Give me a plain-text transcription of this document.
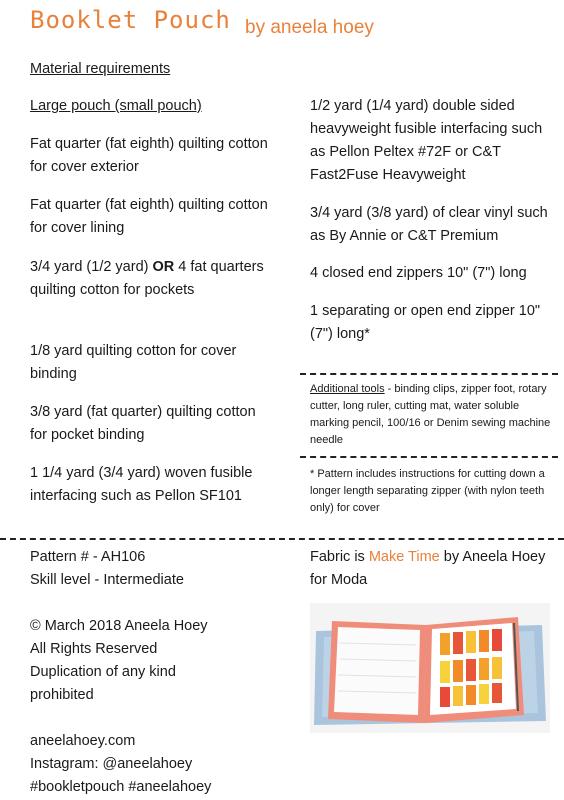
Booklet Pouch by aneela hoey

Material requirements

Large pouch (small pouch)

Fat quarter (fat eighth) quilting cotton for cover exterior

Fat quarter (fat eighth) quilting cotton for cover lining

3/4 yard (1/2 yard) OR 4 fat quarters quilting cotton for pockets

1/8 yard quilting cotton for cover binding

3/8 yard (fat quarter) quilting cotton for pocket binding

1 1/4 yard (3/4 yard) woven fusible interfacing such as Pellon SF101

1/2 yard (1/4 yard) double sided heavyweight fusible interfacing such as Pellon Peltex #72F or C&T Fast2Fuse Heavyweight

3/4 yard (3/8 yard) of clear vinyl such as By Annie or C&T Premium

4 closed end zippers 10" (7") long

1 separating or open end zipper 10" (7") long*

Additional tools - binding clips, zipper foot, rotary cutter, long ruler, cutting mat, water soluble marking pencil, 100/16 or Denim sewing machine needle

* Pattern includes instructions for cutting down a longer length separating zipper (with nylon teeth only) for cover

Pattern # - AH106

Skill level - Intermediate

© March 2018 Aneela Hoey

All Rights Reserved

Duplication of any kind

prohibited

aneelahoey.com

Instagram: @aneelahoey

#bookletpouch #aneelahoey

Fabric is Make Time by Aneela Hoey for Moda
